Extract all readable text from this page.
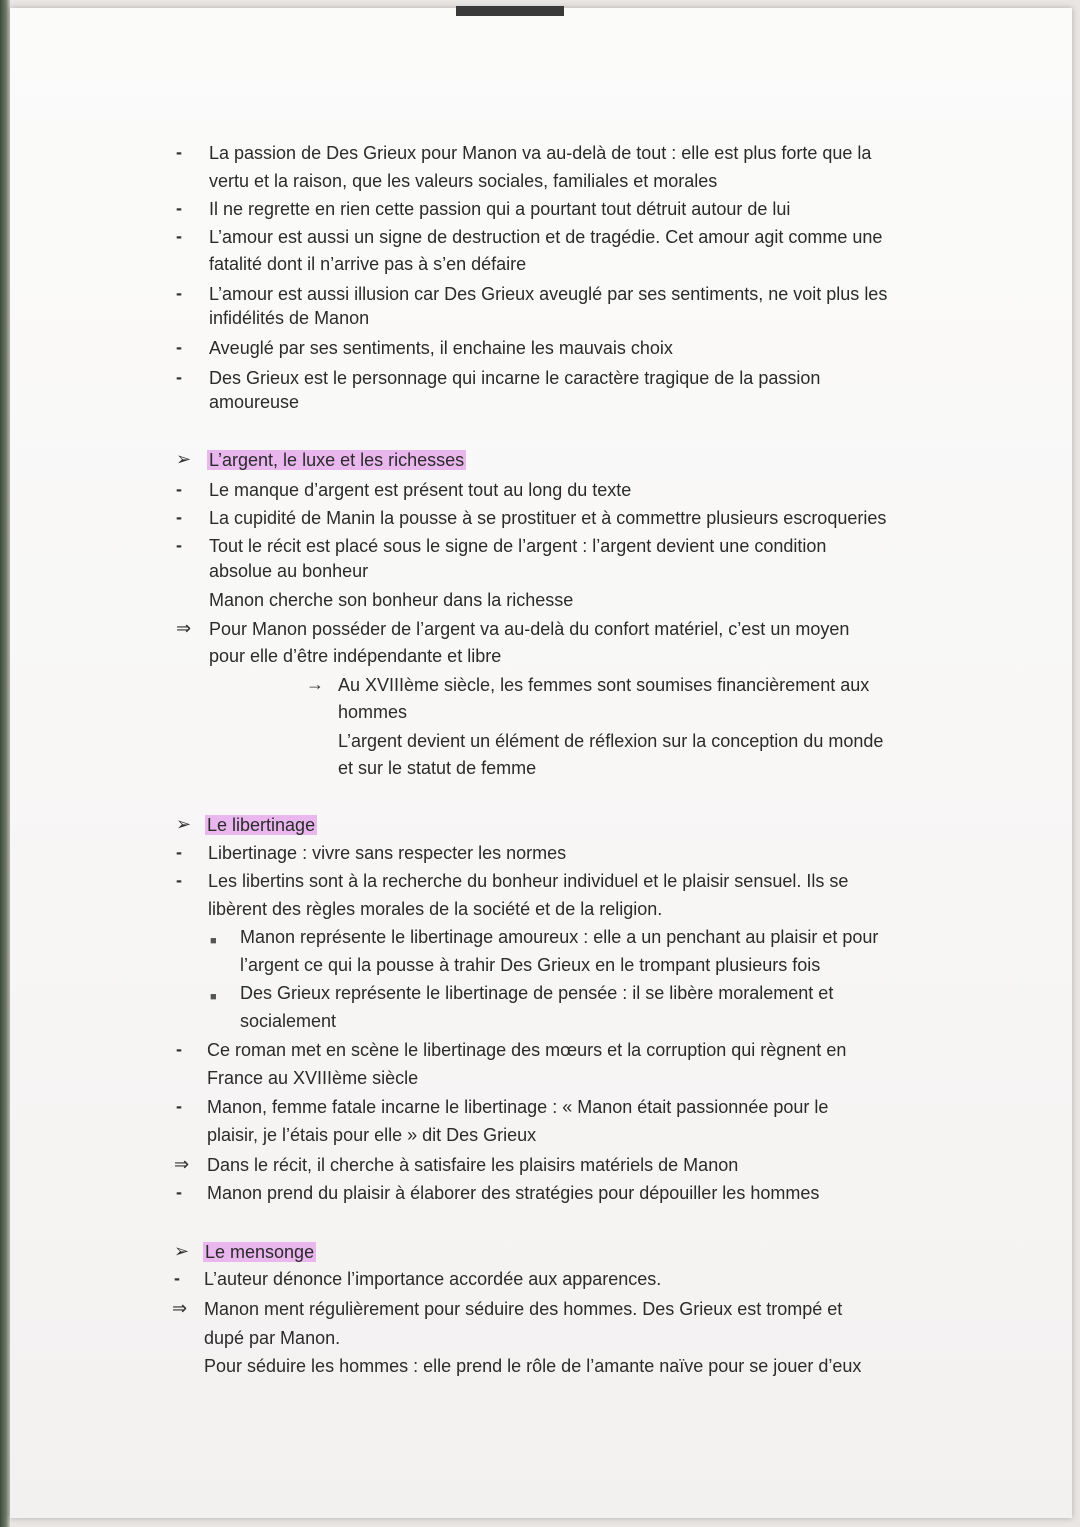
- La passion de Des Grieux pour Manon va au-delà de tout : elle est plus forte que la
vertu et la raison, que les valeurs sociales, familiales et morales
- Il ne regrette en rien cette passion qui a pourtant tout détruit autour de lui
- L’amour est aussi un signe de destruction et de tragédie. Cet amour agit comme une
fatalité dont il n’arrive pas à s’en défaire
- L’amour est aussi illusion car Des Grieux aveuglé par ses sentiments, ne voit plus les
infidélités de Manon
- Aveuglé par ses sentiments, il enchaine les mauvais choix
- Des Grieux est le personnage qui incarne le caractère tragique de la passion
amoureuse
➢ L’argent, le luxe et les richesses
- Le manque d’argent est présent tout au long du texte
- La cupidité de Manin la pousse à se prostituer et à commettre plusieurs escroqueries
- Tout le récit est placé sous le signe de l’argent : l’argent devient une condition
absolue au bonheur
Manon cherche son bonheur dans la richesse
⇒ Pour Manon posséder de l’argent va au-delà du confort matériel, c’est un moyen
pour elle d’être indépendante et libre
→ Au XVIIIème siècle, les femmes sont soumises financièrement aux
hommes
L’argent devient un élément de réflexion sur la conception du monde
et sur le statut de femme
➢ Le libertinage
- Libertinage : vivre sans respecter les normes
- Les libertins sont à la recherche du bonheur individuel et le plaisir sensuel. Ils se
libèrent des règles morales de la société et de la religion.
■ Manon représente le libertinage amoureux : elle a un penchant au plaisir et pour
l’argent ce qui la pousse à trahir Des Grieux en le trompant plusieurs fois
■ Des Grieux représente le libertinage de pensée : il se libère moralement et
socialement
- Ce roman met en scène le libertinage des mœurs et la corruption qui règnent en
France au XVIIIème siècle
- Manon, femme fatale incarne le libertinage : « Manon était passionnée pour le
plaisir, je l’étais pour elle » dit Des Grieux
⇒ Dans le récit, il cherche à satisfaire les plaisirs matériels de Manon
- Manon prend du plaisir à élaborer des stratégies pour dépouiller les hommes
➢ Le mensonge
- L’auteur dénonce l’importance accordée aux apparences.
⇒ Manon ment régulièrement pour séduire des hommes. Des Grieux est trompé et
dupé par Manon.
Pour séduire les hommes : elle prend le rôle de l’amante naïve pour se jouer d’eux
